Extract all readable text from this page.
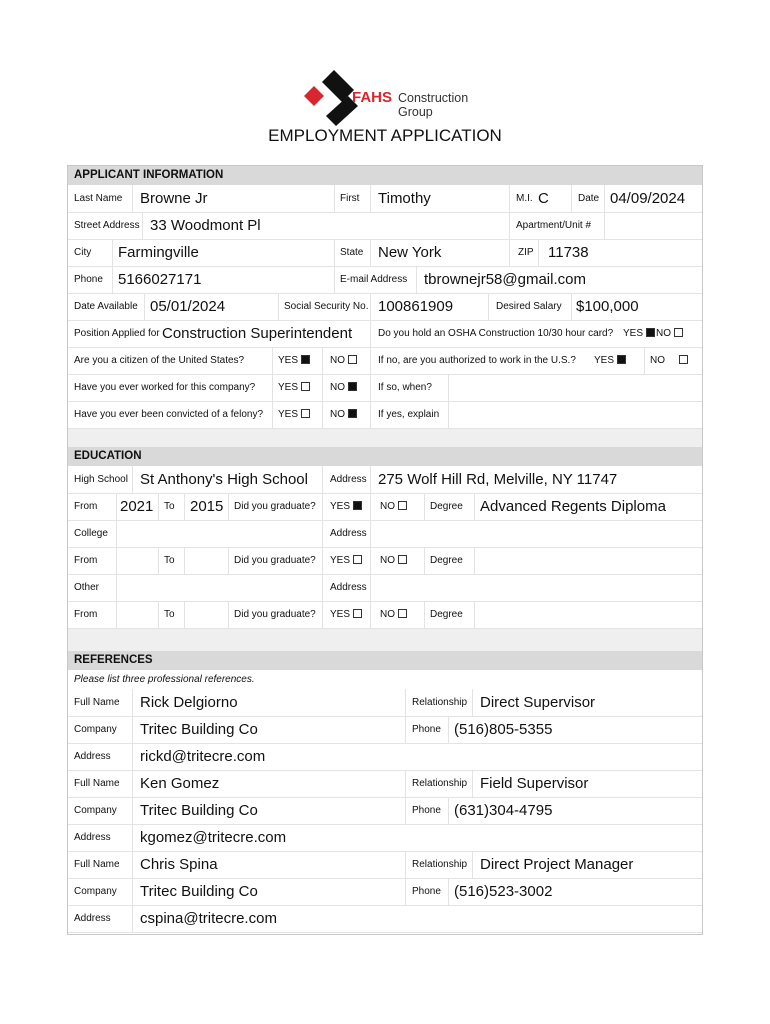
FAHS Construction Group
EMPLOYMENT APPLICATION
APPLICANT INFORMATION
Last Name Browne Jr	First Timothy	M.I. C	Date 04/09/2024
Street Address 33 Woodmont Pl	Apartment/Unit #
City Farmingville	State New York	ZIP 11738
Phone 5166027171	E-mail Address tbrownejr58@gmail.com
Date Available 05/01/2024	Social Security No. 100861909	Desired Salary $100,000
Position Applied for Construction Superintendent	Do you hold an OSHA Construction 10/30 hour card? YES	NO
Are you a citizen of the United States?	YES	NO	If no, are you authorized to work in the U.S.? YES	NO
Have you ever worked for this company? YES	NO	If so, when?
Have you ever been convicted of a felony? YES	NO	If yes, explain
EDUCATION
High School St Anthony's High School Address 275 Wolf Hill Rd, Melville, NY 11747
From 2021 To 2015 Did you graduate? YES	NO	Degree Advanced Regents Diploma
College	Address
From	To	Did you graduate? YES	NO	Degree
Other	Address
From	To	Did you graduate? YES	NO	Degree
REFERENCES
Please list three professional references.
Full Name Rick Delgiorno	Relationship Direct Supervisor
Company Tritec Building Co	Phone (516)805-5355
Address rickd@tritecre.com
Full Name Ken Gomez	Relationship Field Supervisor
Company Tritec Building Co	Phone (631)304-4795
Address kgomez@tritecre.com
Full Name Chris Spina	Relationship Direct Project Manager
Company Tritec Building Co	Phone (516)523-3002
Address cspina@tritecre.com
